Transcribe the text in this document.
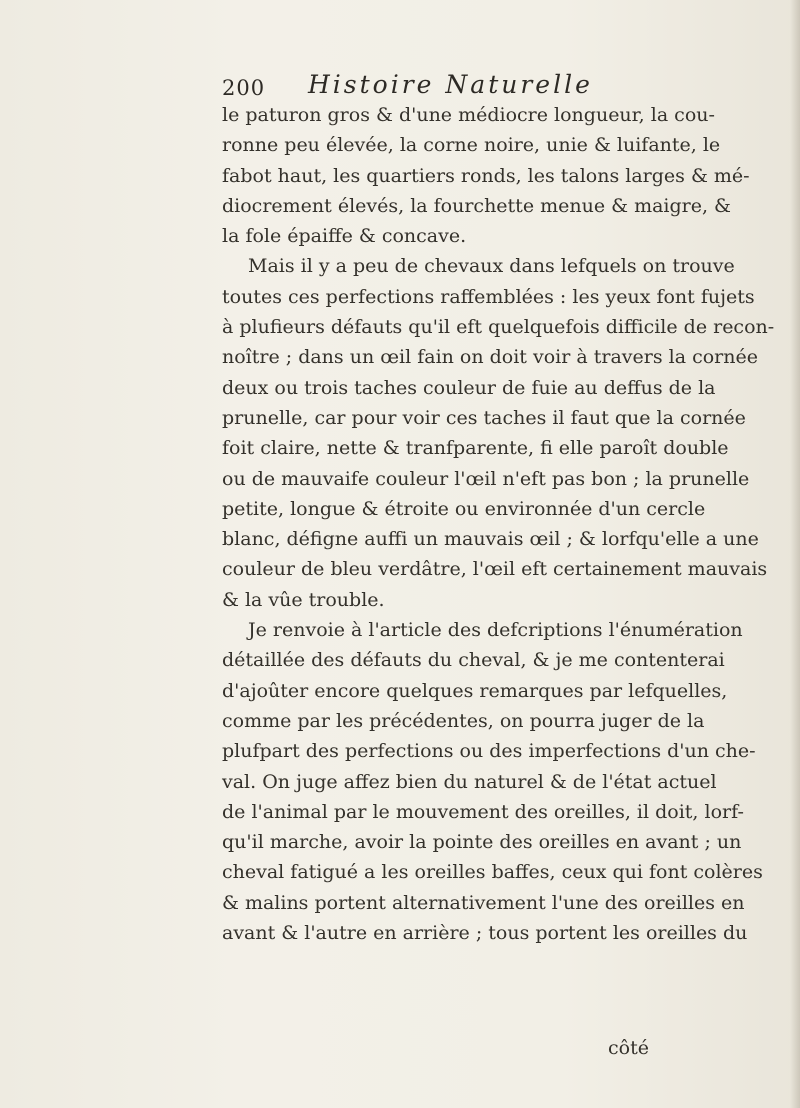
200 Histoire Naturelle
le paturon gros & d'une médiocre longueur, la cou-
ronne peu élevée, la corne noire, unie & luifante, le
fabot haut, les quartiers ronds, les talons larges & mé-
diocrement élevés, la fourchette menue & maigre, &
la fole épaiffe & concave.
Mais il y a peu de chevaux dans lefquels on trouve
toutes ces perfections raffemblées : les yeux font fujets
à plufieurs défauts qu'il eft quelquefois difficile de recon-
noître ; dans un œil fain on doit voir à travers la cornée
deux ou trois taches couleur de fuie au deffus de la
prunelle, car pour voir ces taches il faut que la cornée
foit claire, nette & tranfparente, fi elle paroît double
ou de mauvaife couleur l'œil n'eft pas bon ; la prunelle
petite, longue & étroite ou environnée d'un cercle
blanc, défigne auffi un mauvais œil ; & lorfqu'elle a une
couleur de bleu verdâtre, l'œil eft certainement mauvais
& la vûe trouble.
Je renvoie à l'article des defcriptions l'énumération
détaillée des défauts du cheval, & je me contenterai
d'ajoûter encore quelques remarques par lefquelles,
comme par les précédentes, on pourra juger de la
plufpart des perfections ou des imperfections d'un che-
val. On juge affez bien du naturel & de l'état actuel
de l'animal par le mouvement des oreilles, il doit, lorf-
qu'il marche, avoir la pointe des oreilles en avant ; un
cheval fatigué a les oreilles baffes, ceux qui font colères
& malins portent alternativement l'une des oreilles en
avant & l'autre en arrière ; tous portent les oreilles du
côté
